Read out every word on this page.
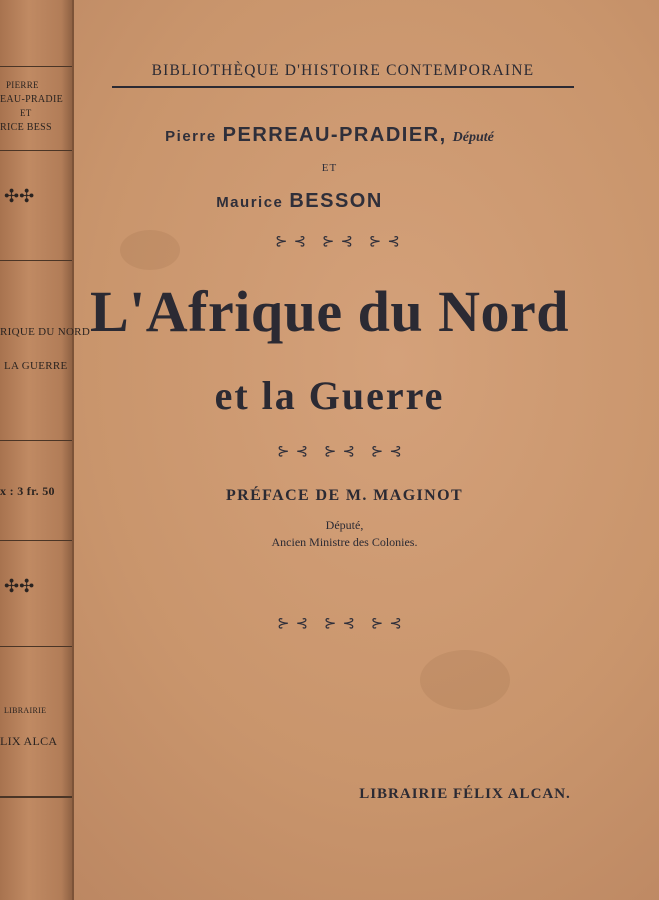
PIERRE
EAU-PRADIE
ET
RICE BESS
✣✣
RIQUE DU NORD
LA GUERRE
x : 3 fr. 50
✣✣
LIBRAIRIE
LIX ALCA
BIBLIOTHÈQUE D'HISTOIRE CONTEMPORAINE
Pierre PERREAU-PRADIER, Député
ET
Maurice BESSON
⊱⊰ ⊱⊰ ⊱⊰
L'Afrique du Nord
et la Guerre
⊱⊰ ⊱⊰ ⊱⊰
PRÉFACE DE M. MAGINOT
Député,
Ancien Ministre des Colonies.
⊱⊰ ⊱⊰ ⊱⊰
LIBRAIRIE FÉLIX ALCAN.
